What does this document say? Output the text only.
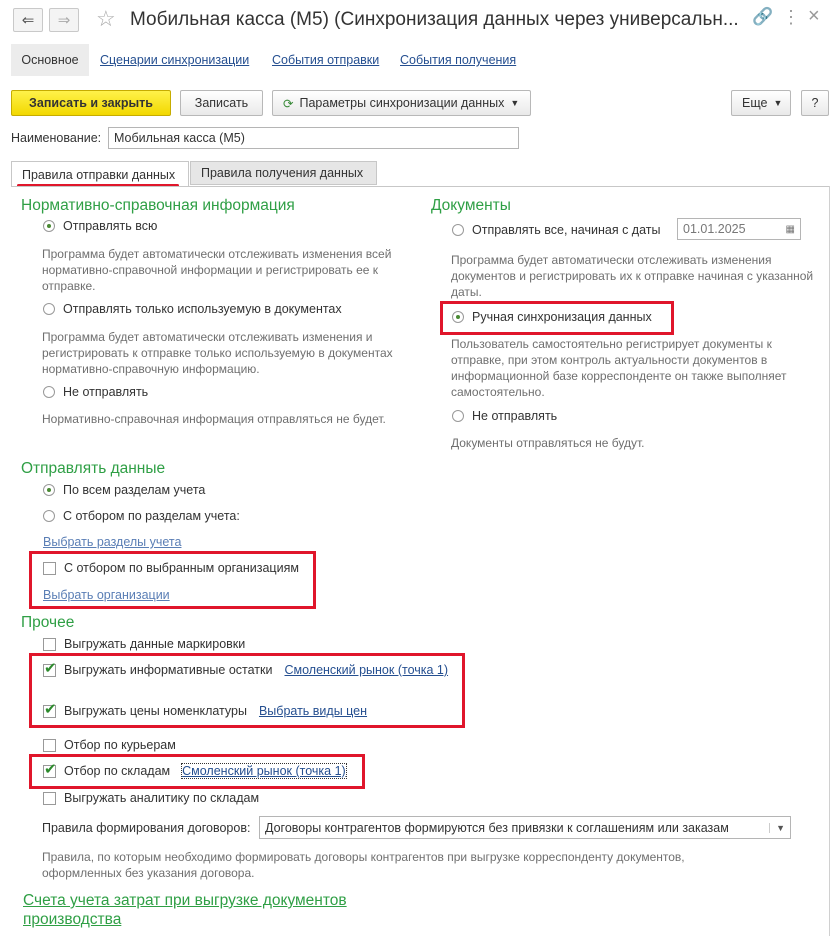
⇐ ⇒ ☆ Мобильная касса (М5) (Синхронизация данных через универсальн... 🔗 ⋮ ×
Основное Сценарии синхронизации События отправки События получения
Записать и закрыть	Записать	⟳ Параметры синхронизации данных ▼	Еще ▼	?
Наименование:	Мобильная касса (М5)
Правила отправки данных Правила получения данных
Нормативно-справочная информация
Отправлять всю
Программа будет автоматически отслеживать изменения всей нормативно-справочной информации и регистрировать ее к отправке.
Отправлять только используемую в документах
Программа будет автоматически отслеживать изменения и регистрировать к отправке только используемую в документах нормативно-справочную информацию.
Не отправлять
Нормативно-справочная информация отправляться не будет.
Документы
Отправлять все, начиная с даты 01.01.2025	▦
Программа будет автоматически отслеживать изменения документов и регистрировать их к отправке начиная с указанной даты.
Ручная синхронизация данных
Пользователь самостоятельно регистрирует документы к отправке, при этом контроль актуальности документов в информационной базе корреспонденте он также выполняет самостоятельно.
Не отправлять
Документы отправляться не будут.
Отправлять данные
По всем разделам учета
С отбором по разделам учета:
Выбрать разделы учета
С отбором по выбранным организациям
Выбрать организации
Прочее
Выгружать данные маркировки
✔
Выгружать информативные остатки Смоленский рынок (точка 1)
✔
Выгружать цены номенклатуры Выбрать виды цен
Отбор по курьерам
✔
Отбор по складам Смоленский рынок (точка 1)
Выгружать аналитику по складам
Правила формирования договоров: Договоры контрагентов формируются без привязки к соглашениям или заказам	▼
Правила, по которым необходимо формировать договоры контрагентов при выгрузке корреспонденту документов, оформленных без указания договора.
Счета учета затрат при выгрузке документов производства
